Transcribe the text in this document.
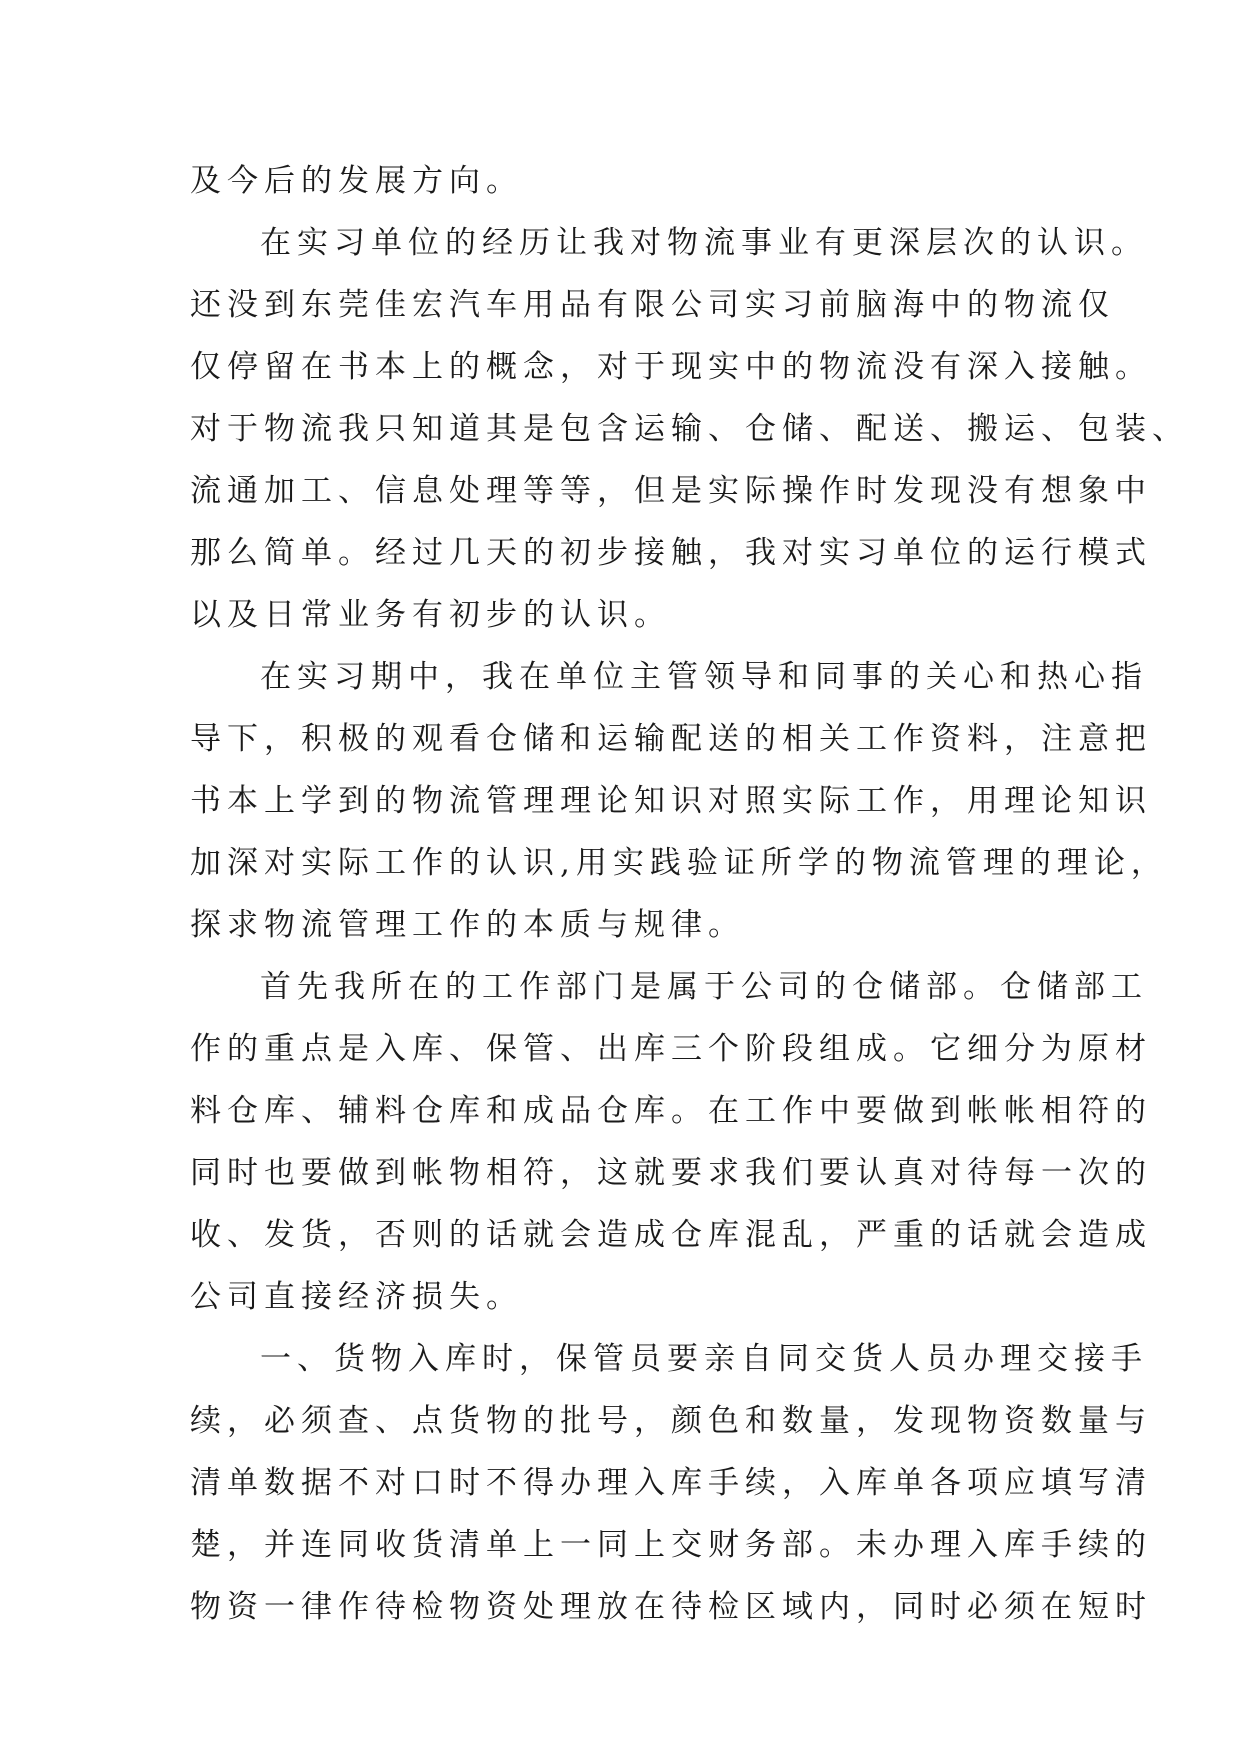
及今后的发展方向。
在实习单位的经历让我对物流事业有更深层次的认识。
还没到东莞佳宏汽车用品有限公司实习前脑海中的物流仅
仅停留在书本上的概念，对于现实中的物流没有深入接触。
对于物流我只知道其是包含运输、仓储、配送、搬运、包装、
流通加工、信息处理等等，但是实际操作时发现没有想象中
那么简单。经过几天的初步接触，我对实习单位的运行模式
以及日常业务有初步的认识。
在实习期中，我在单位主管领导和同事的关心和热心指
导下，积极的观看仓储和运输配送的相关工作资料，注意把
书本上学到的物流管理理论知识对照实际工作，用理论知识
加深对实际工作的认识,用实践验证所学的物流管理的理论，
探求物流管理工作的本质与规律。
首先我所在的工作部门是属于公司的仓储部。仓储部工
作的重点是入库、保管、出库三个阶段组成。它细分为原材
料仓库、辅料仓库和成品仓库。在工作中要做到帐帐相符的
同时也要做到帐物相符，这就要求我们要认真对待每一次的
收、发货，否则的话就会造成仓库混乱，严重的话就会造成
公司直接经济损失。
一、货物入库时，保管员要亲自同交货人员办理交接手
续，必须查、点货物的批号，颜色和数量，发现物资数量与
清单数据不对口时不得办理入库手续，入库单各项应填写清
楚，并连同收货清单上一同上交财务部。未办理入库手续的
物资一律作待检物资处理放在待检区域内，同时必须在短时
